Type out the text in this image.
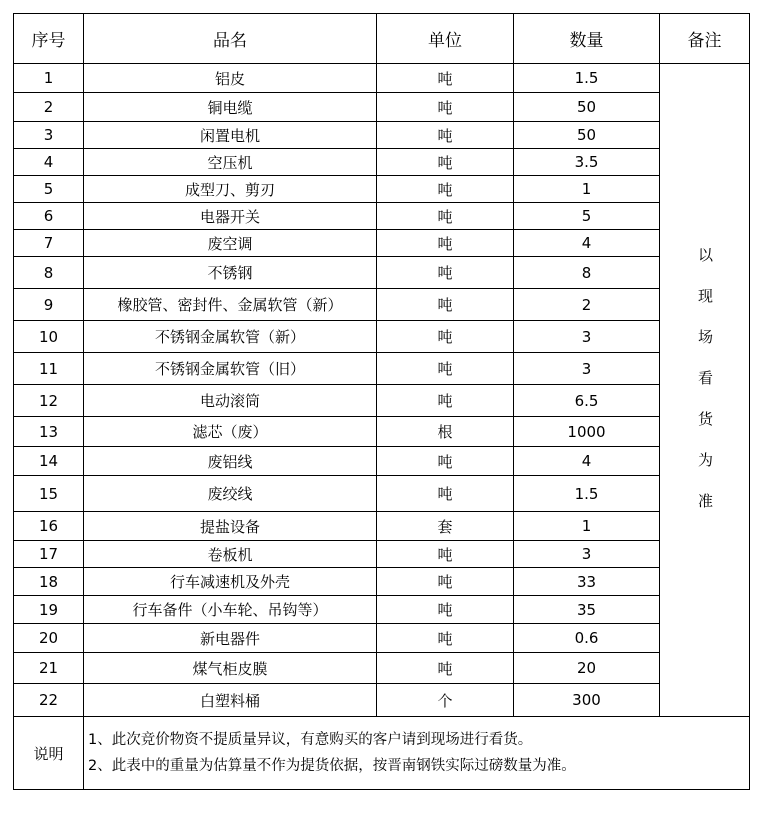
序号	品名	单位	数量	备注
1	铝皮	吨	1.5	以现场看货为准

2	铜电缆	吨	50	
3	闲置电机	吨	50	
4	空压机	吨	3.5	
5	成型刀、剪刃	吨	1	
6	电器开关	吨	5	
7	废空调	吨	4	
8	不锈钢	吨	8	
9	橡胶管、密封件、金属软管（新）	吨	2	
10	不锈钢金属软管（新）	吨	3	
11	不锈钢金属软管（旧）	吨	3	
12	电动滚筒	吨	6.5	
13	滤芯（废）	根	1000	
14	废铝线	吨	4	
15	废绞线	吨	1.5	
16	提盐设备	套	1	
17	卷板机	吨	3	
18	行车减速机及外壳	吨	33	
19	行车备件（小车轮、吊钩等）	吨	35	
20	新电器件	吨	0.6	
21	煤气柜皮膜	吨	20	
22	白塑料桶	个	300	
说明	1、此次竞价物资不提质量异议，有意购买的客户请到现场进行看货。
2、此表中的重量为估算量不作为提货依据，按晋南钢铁实际过磅数量为准。			
